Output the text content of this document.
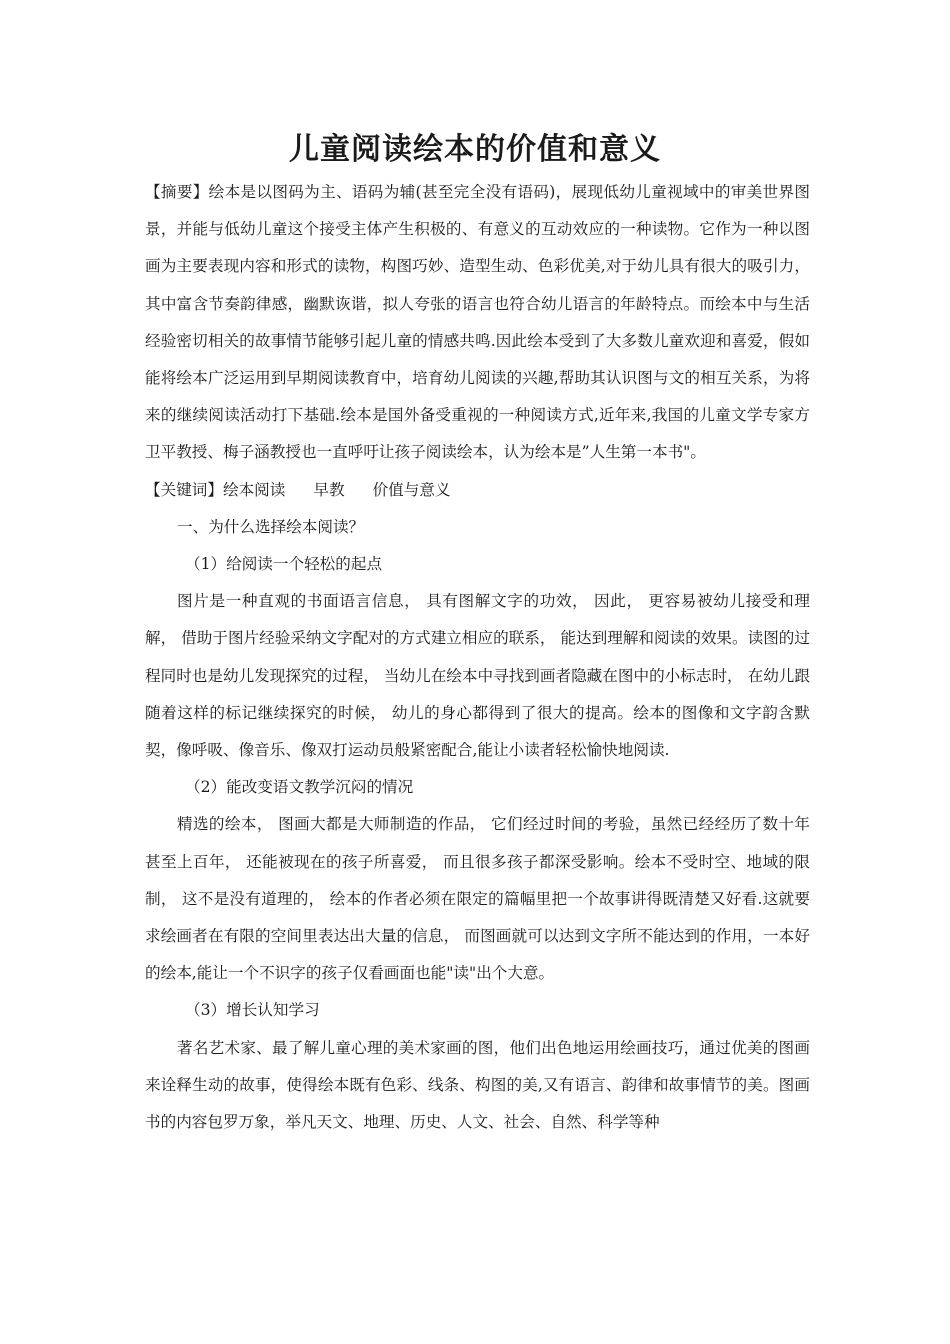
儿童阅读绘本的价值和意义

【摘要】绘本是以图码为主、语码为辅(甚至完全没有语码)，展现低幼儿童视域中的审美世界图景，并能与低幼儿童这个接受主体产生积极的、有意义的互动效应的一种读物。它作为一种以图画为主要表现内容和形式的读物，构图巧妙、造型生动、色彩优美,对于幼儿具有很大的吸引力，其中富含节奏韵律感，幽默诙谐，拟人夸张的语言也符合幼儿语言的年龄特点。而绘本中与生活经验密切相关的故事情节能够引起儿童的情感共鸣.因此绘本受到了大多数儿童欢迎和喜爱，假如能将绘本广泛运用到早期阅读教育中，培育幼儿阅读的兴趣,帮助其认识图与文的相互关系，为将来的继续阅读活动打下基础.绘本是国外备受重视的一种阅读方式,近年来,我国的儿童文学专家方卫平教授、梅子涵教授也一直呼吁让孩子阅读绘本，认为绘本是”人生第一本书"。

【关键词】绘本阅读 早教 价值与意义

一、为什么选择绘本阅读？

（1）给阅读一个轻松的起点

图片是一种直观的书面语言信息， 具有图解文字的功效， 因此， 更容易被幼儿接受和理解， 借助于图片经验采纳文字配对的方式建立相应的联系， 能达到理解和阅读的效果。读图的过程同时也是幼儿发现探究的过程， 当幼儿在绘本中寻找到画者隐藏在图中的小标志时， 在幼儿跟随着这样的标记继续探究的时候， 幼儿的身心都得到了很大的提高。绘本的图像和文字韵含默契，像呼吸、像音乐、像双打运动员般紧密配合,能让小读者轻松愉快地阅读.

（2）能改变语文教学沉闷的情况

精选的绘本， 图画大都是大师制造的作品， 它们经过时间的考验，虽然已经经历了数十年甚至上百年， 还能被现在的孩子所喜爱， 而且很多孩子都深受影响。绘本不受时空、地域的限制， 这不是没有道理的， 绘本的作者必须在限定的篇幅里把一个故事讲得既清楚又好看.这就要求绘画者在有限的空间里表达出大量的信息， 而图画就可以达到文字所不能达到的作用，一本好的绘本,能让一个不识字的孩子仅看画面也能"读"出个大意。

（3）增长认知学习

著名艺术家、最了解儿童心理的美术家画的图，他们出色地运用绘画技巧，通过优美的图画来诠释生动的故事，使得绘本既有色彩、线条、构图的美,又有语言、韵律和故事情节的美。图画书的内容包罗万象，举凡天文、地理、历史、人文、社会、自然、科学等种
